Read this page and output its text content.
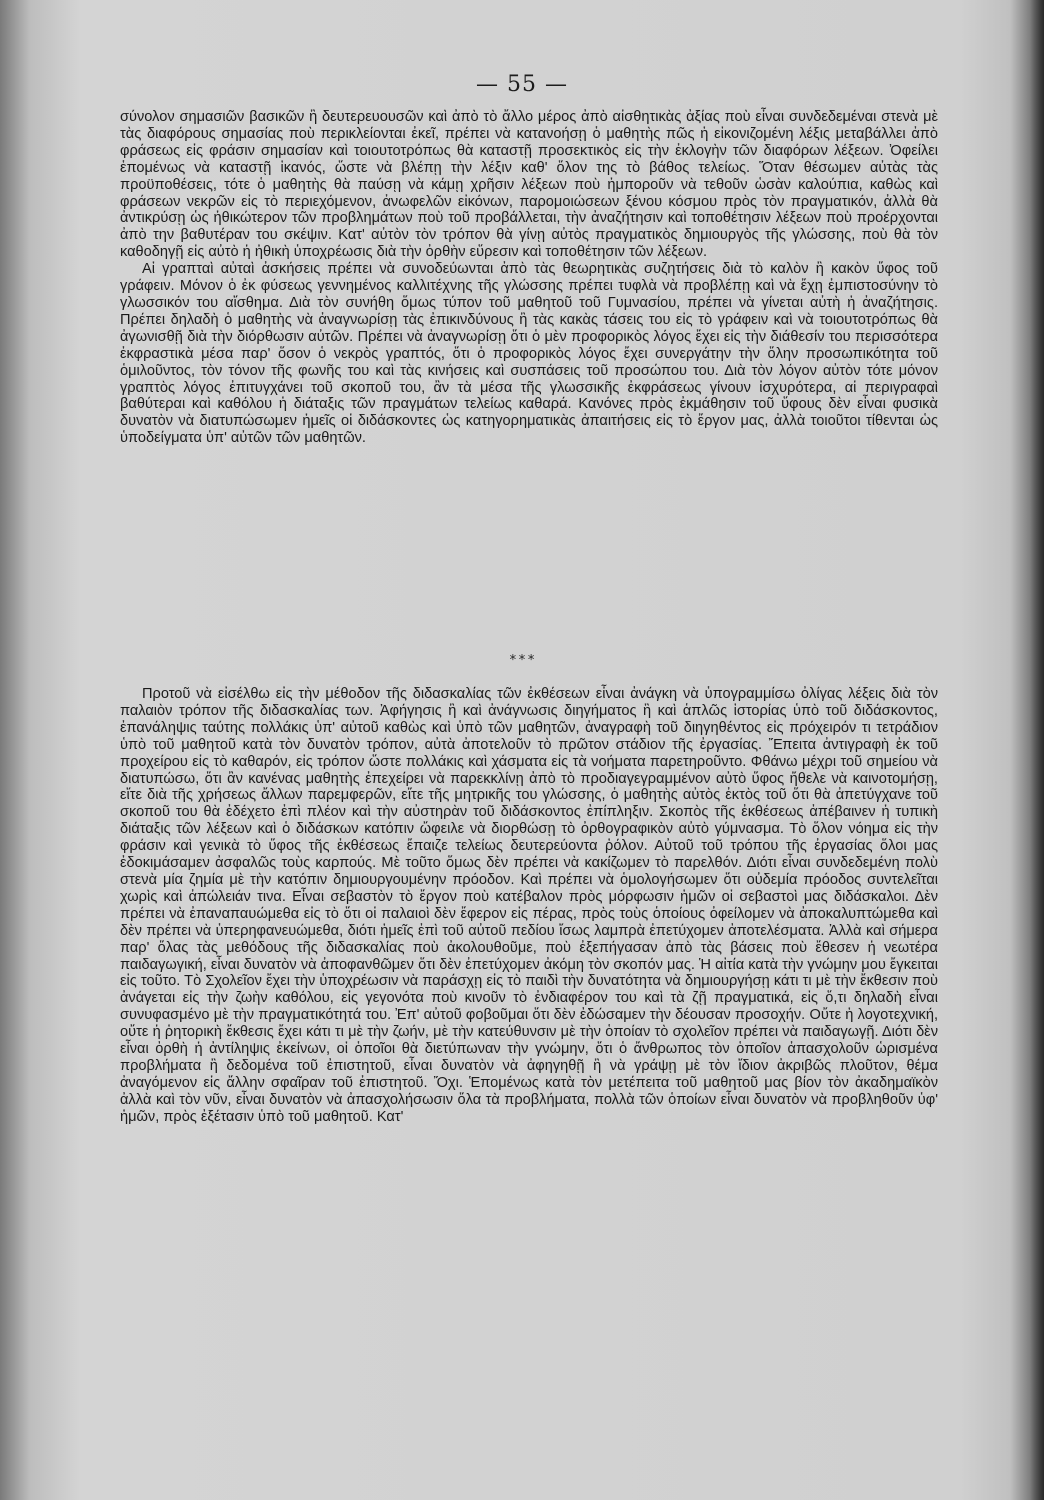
— 55 —

σύνολον σημασιῶν βασικῶν ἢ δευτερευουσῶν καὶ ἀπὸ τὸ ἄλλο μέρος ἀπὸ αἰσθητικὰς ἀξίας ποὺ εἶναι συνδεδεμέναι στενὰ μὲ τὰς διαφόρους σημασίας ποὺ περικλείονται ἐκεῖ, πρέπει νὰ κατανοήσῃ ὁ μαθητὴς πῶς ἡ εἰκονιζομένη λέξις μεταβάλλει ἀπὸ φράσεως εἰς φράσιν σημασίαν καὶ τοιουτοτρόπως θὰ καταστῇ προσεκτικὸς εἰς τὴν ἐκλογὴν τῶν διαφόρων λέξεων. Ὀφείλει ἑπομένως νὰ καταστῇ ἱκανός, ὥστε νὰ βλέπῃ τὴν λέξιν καθ' ὅλον της τὸ βάθος τελείως. Ὅταν θέσωμεν αὐτὰς τὰς προϋποθέσεις, τότε ὁ μαθητὴς θὰ παύσῃ νὰ κάμῃ χρῆσιν λέξεων ποὺ ἠμποροῦν νὰ τεθοῦν ὡσὰν καλούπια, καθὼς καὶ φράσεων νεκρῶν εἰς τὸ περιεχόμενον, ἀνωφελῶν εἰκόνων, παρομοιώσεων ξένου κόσμου πρὸς τὸν πραγματικόν, ἀλλὰ θὰ ἀντικρύσῃ ὡς ἠθικώτερον τῶν προβλημάτων ποὺ τοῦ προβάλλεται, τὴν ἀναζήτησιν καὶ τοποθέτησιν λέξεων ποὺ προέρχονται ἀπὸ την βαθυτέραν του σκέψιν. Κατ' αὐτὸν τὸν τρόπον θὰ γίνῃ αὐτὸς πραγματικὸς δημιουργὸς τῆς γλώσσης, ποὺ θὰ τὸν καθοδηγῇ εἰς αὐτὸ ἡ ἠθικὴ ὑποχρέωσις διὰ τὴν ὀρθὴν εὕρεσιν καὶ τοποθέτησιν τῶν λέξεων.

Αἱ γραπταὶ αὐταὶ ἀσκήσεις πρέπει νὰ συνοδεύωνται ἀπὸ τὰς θεωρητικὰς συζητήσεις διὰ τὸ καλὸν ἢ κακὸν ὕφος τοῦ γράφειν. Μόνον ὁ ἐκ φύσεως γεννημένος καλλιτέχνης τῆς γλώσσης πρέπει τυφλὰ νὰ προβλέπῃ καὶ νὰ ἔχῃ ἐμπιστοσύνην τὸ γλωσσικόν του αἴσθημα. Διὰ τὸν συνήθη ὅμως τύπον τοῦ μαθητοῦ τοῦ Γυμνασίου, πρέπει νὰ γίνεται αὐτὴ ἡ ἀναζήτησις. Πρέπει δηλαδὴ ὁ μαθητὴς νὰ ἀναγνωρίσῃ τὰς ἐπικινδύνους ἢ τὰς κακὰς τάσεις του εἰς τὸ γράφειν καὶ νὰ τοιουτοτρόπως θὰ ἀγωνισθῇ διὰ τὴν διόρθωσιν αὐτῶν. Πρέπει νὰ ἀναγνωρίσῃ ὅτι ὁ μὲν προφορικὸς λόγος ἔχει εἰς τὴν διάθεσίν του περισσότερα ἐκφραστικὰ μέσα παρ' ὅσον ὁ νεκρὸς γραπτός, ὅτι ὁ προφορικὸς λόγος ἔχει συνεργάτην τὴν ὅλην προσωπικότητα τοῦ ὁμιλοῦντος, τὸν τόνον τῆς φωνῆς του καὶ τὰς κινήσεις καὶ συσπάσεις τοῦ προσώπου του. Διὰ τὸν λόγον αὐτὸν τότε μόνον γραπτὸς λόγος ἐπιτυγχάνει τοῦ σκοποῦ του, ἂν τὰ μέσα τῆς γλωσσικῆς ἐκφράσεως γίνουν ἰσχυρότερα, αἱ περιγραφαὶ βαθύτεραι καὶ καθόλου ἡ διάταξις τῶν πραγμάτων τελείως καθαρά. Κανόνες πρὸς ἐκμάθησιν τοῦ ὕφους δὲν εἶναι φυσικὰ δυνατὸν νὰ διατυπώσωμεν ἡμεῖς οἱ διδάσκοντες ὡς κατηγορηματικὰς ἀπαιτήσεις εἰς τὸ ἔργον μας, ἀλλὰ τοιοῦτοι τίθενται ὡς ὑποδείγματα ὑπ' αὐτῶν τῶν μαθητῶν.

* * *

Προτοῦ νὰ εἰσέλθω εἰς τὴν μέθοδον τῆς διδασκαλίας τῶν ἐκθέσεων εἶναι ἀνάγκη νὰ ὑπογραμμίσω ὀλίγας λέξεις διὰ τὸν παλαιὸν τρόπον τῆς διδασκαλίας των. Ἀφήγησις ἢ καὶ ἀνάγνωσις διηγήματος ἢ καὶ ἁπλῶς ἱστορίας ὑπὸ τοῦ διδάσκοντος, ἐπανάληψις ταύτης πολλάκις ὑπ' αὐτοῦ καθὼς καὶ ὑπὸ τῶν μαθητῶν, ἀναγραφὴ τοῦ διηγηθέντος εἰς πρόχειρόν τι τετράδιον ὑπὸ τοῦ μαθητοῦ κατὰ τὸν δυνατὸν τρόπον, αὐτὰ ἀποτελοῦν τὸ πρῶτον στάδιον τῆς ἐργασίας. Ἔπειτα ἀντιγραφὴ ἐκ τοῦ προχείρου εἰς τὸ καθαρόν, εἰς τρόπον ὥστε πολλάκις καὶ χάσματα εἰς τὰ νοήματα παρετηροῦντο. Φθάνω μέχρι τοῦ σημείου νὰ διατυπώσω, ὅτι ἂν κανένας μαθητὴς ἐπεχείρει νὰ παρεκκλίνῃ ἀπὸ τὸ προδιαγεγραμμένον αὐτὸ ὕφος ἤθελε νὰ καινοτομήσῃ, εἴτε διὰ τῆς χρήσεως ἄλλων παρεμφερῶν, εἴτε τῆς μητρικῆς του γλώσσης, ὁ μαθητὴς αὐτὸς ἐκτὸς τοῦ ὅτι θὰ ἀπετύγχανε τοῦ σκοποῦ του θὰ ἐδέχετο ἐπὶ πλέον καὶ τὴν αὐστηρὰν τοῦ διδάσκοντος ἐπίπληξιν. Σκοπὸς τῆς ἐκθέσεως ἀπέβαινεν ἡ τυπικὴ διάταξις τῶν λέξεων καὶ ὁ διδάσκων κατόπιν ὤφειλε νὰ διορθώσῃ τὸ ὀρθογραφικὸν αὐτὸ γύμνασμα. Τὸ ὅλον νόημα εἰς τὴν φράσιν καὶ γενικὰ τὸ ὕφος τῆς ἐκθέσεως ἔπαιζε τελείως δευτερεύοντα ῥόλον. Αὐτοῦ τοῦ τρόπου τῆς ἐργασίας ὅλοι μας ἐδοκιμάσαμεν ἀσφαλῶς τοὺς καρπούς. Μὲ τοῦτο ὅμως δὲν πρέπει νὰ κακίζωμεν τὸ παρελθόν. Διότι εἶναι συνδεδεμένη πολὺ στενὰ μία ζημία μὲ τὴν κατόπιν δημιουργουμένην πρόοδον. Καὶ πρέπει νὰ ὁμολογήσωμεν ὅτι οὐδεμία πρόοδος συντελεῖται χωρὶς καὶ ἀπώλειάν τινα. Εἶναι σεβαστὸν τὸ ἔργον ποὺ κατέβαλον πρὸς μόρφωσιν ἡμῶν οἱ σεβαστοὶ μας διδάσκαλοι. Δὲν πρέπει νὰ ἐπαναπαυώμεθα εἰς τὸ ὅτι οἱ παλαιοὶ δὲν ἔφερον εἰς πέρας, πρὸς τοὺς ὁποίους ὀφείλομεν νὰ ἀποκαλυπτώμεθα καὶ δὲν πρέπει νὰ ὑπερηφανευώμεθα, διότι ἡμεῖς ἐπὶ τοῦ αὐτοῦ πεδίου ἴσως λαμπρὰ ἐπετύχομεν ἀποτελέσματα. Ἀλλὰ καὶ σήμερα παρ' ὅλας τὰς μεθόδους τῆς διδασκαλίας ποὺ ἀκολουθοῦμε, ποὺ ἐξεπήγασαν ἀπὸ τὰς βάσεις ποὺ ἔθεσεν ἡ νεωτέρα παιδαγωγική, εἶναι δυνατὸν νὰ ἀποφανθῶμεν ὅτι δὲν ἐπετύχομεν ἀκόμη τὸν σκοπόν μας. Ἡ αἰτία κατὰ τὴν γνώμην μου ἔγκειται εἰς τοῦτο. Τὸ Σχολεῖον ἔχει τὴν ὑποχρέωσιν νὰ παράσχῃ εἰς τὸ παιδὶ τὴν δυνατότητα νὰ δημιουργήσῃ κάτι τι μὲ τὴν ἔκθεσιν ποὺ ἀνάγεται εἰς τὴν ζωὴν καθόλου, εἰς γεγονότα ποὺ κινοῦν τὸ ἐνδιαφέρον του καὶ τὰ ζῇ πραγματικά, εἰς ὅ,τι δηλαδὴ εἶναι συνυφασμένο μὲ τὴν πραγματικότητά του. Ἐπ' αὐτοῦ φοβοῦμαι ὅτι δὲν ἐδώσαμεν τὴν δέουσαν προσοχήν. Οὔτε ἡ λογοτεχνική, οὔτε ἡ ῥητορικὴ ἔκθεσις ἔχει κάτι τι μὲ τὴν ζωήν, μὲ τὴν κατεύθυνσιν μὲ τὴν ὁποίαν τὸ σχολεῖον πρέπει νὰ παιδαγωγῇ. Διότι δὲν εἶναι ὀρθὴ ἡ ἀντίληψις ἐκείνων, οἱ ὁποῖοι θὰ διετύπωναν τὴν γνώμην, ὅτι ὁ ἄνθρωπος τὸν ὁποῖον ἀπασχολοῦν ὡρισμένα προβλήματα ἢ δεδομένα τοῦ ἐπιστητοῦ, εἶναι δυνατὸν νὰ ἀφηγηθῇ ἢ νὰ γράψῃ μὲ τὸν ἴδιον ἀκριβῶς πλοῦτον, θέμα ἀναγόμενον εἰς ἄλλην σφαῖραν τοῦ ἐπιστητοῦ. Ὄχι. Ἑπομένως κατὰ τὸν μετέπειτα τοῦ μαθητοῦ μας βίον τὸν ἀκαδημαϊκὸν ἀλλὰ καὶ τὸν νῦν, εἶναι δυνατὸν νὰ ἀπασχολήσωσιν ὅλα τὰ προβλήματα, πολλὰ τῶν ὁποίων εἶναι δυνατὸν νὰ προβληθοῦν ὑφ' ἡμῶν, πρὸς ἐξέτασιν ὑπὸ τοῦ μαθητοῦ. Κατ'
